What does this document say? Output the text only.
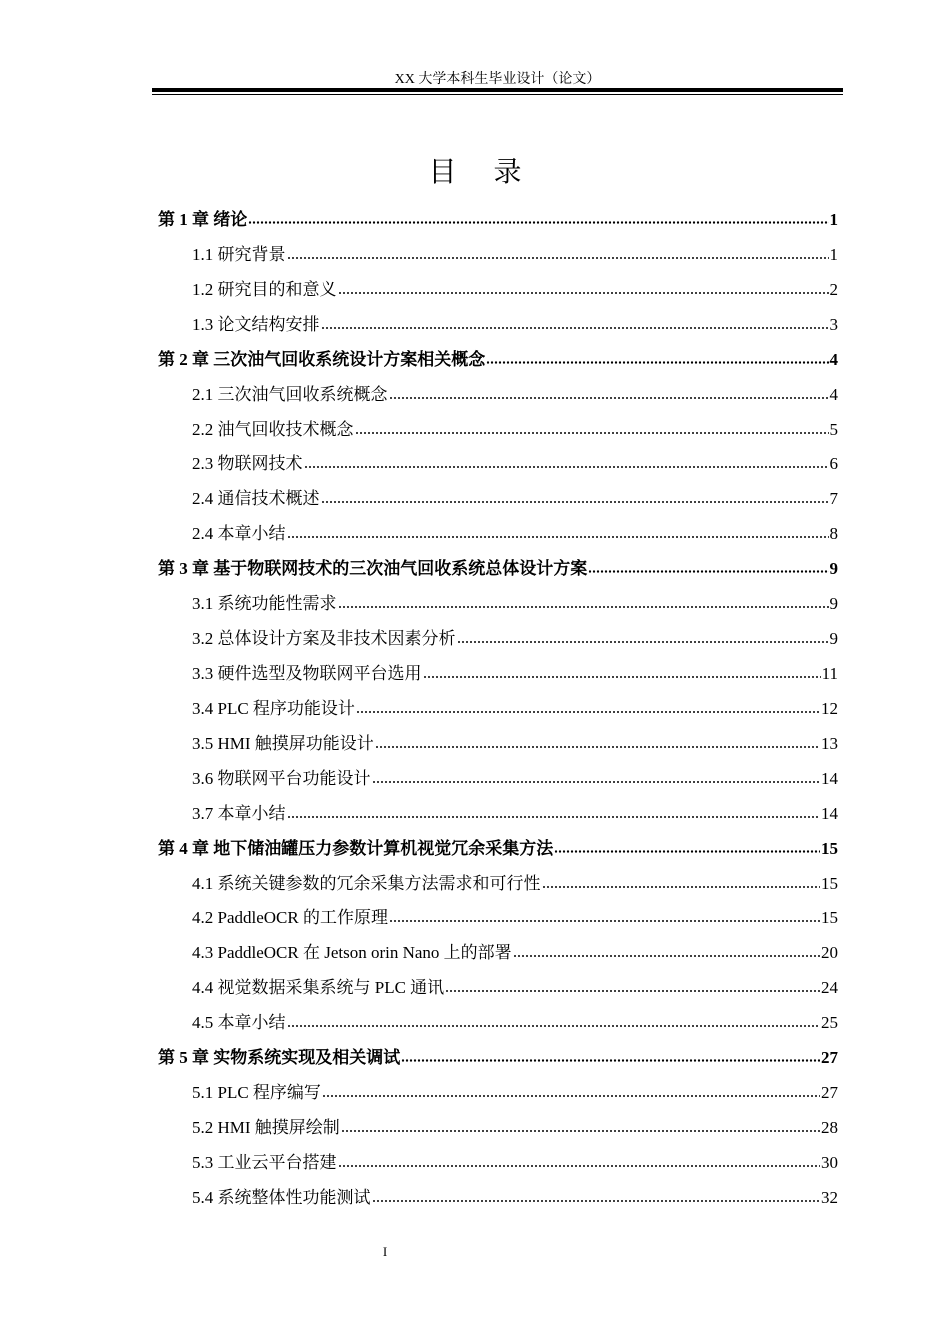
XX 大学本科生毕业设计（论文）
目 录
第 1 章 绪论	1
1.1 研究背景	1
1.2 研究目的和意义	2
1.3 论文结构安排	3
第 2 章 三次油气回收系统设计方案相关概念	4
2.1 三次油气回收系统概念	4
2.2 油气回收技术概念	5
2.3 物联网技术	6
2.4 通信技术概述	7
2.4 本章小结	8
第 3 章 基于物联网技术的三次油气回收系统总体设计方案	9
3.1 系统功能性需求	9
3.2 总体设计方案及非技术因素分析	9
3.3 硬件选型及物联网平台选用	11
3.4 PLC 程序功能设计	12
3.5 HMI 触摸屏功能设计	13
3.6 物联网平台功能设计	14
3.7 本章小结	14
第 4 章 地下储油罐压力参数计算机视觉冗余采集方法	15
4.1 系统关键参数的冗余采集方法需求和可行性	15
4.2 PaddleOCR 的工作原理	15
4.3 PaddleOCR 在 Jetson orin Nano 上的部署	20
4.4 视觉数据采集系统与 PLC 通讯	24
4.5 本章小结	25
第 5 章 实物系统实现及相关调试	27
5.1 PLC 程序编写	27
5.2 HMI 触摸屏绘制	28
5.3 工业云平台搭建	30
5.4 系统整体性功能测试	32
I
